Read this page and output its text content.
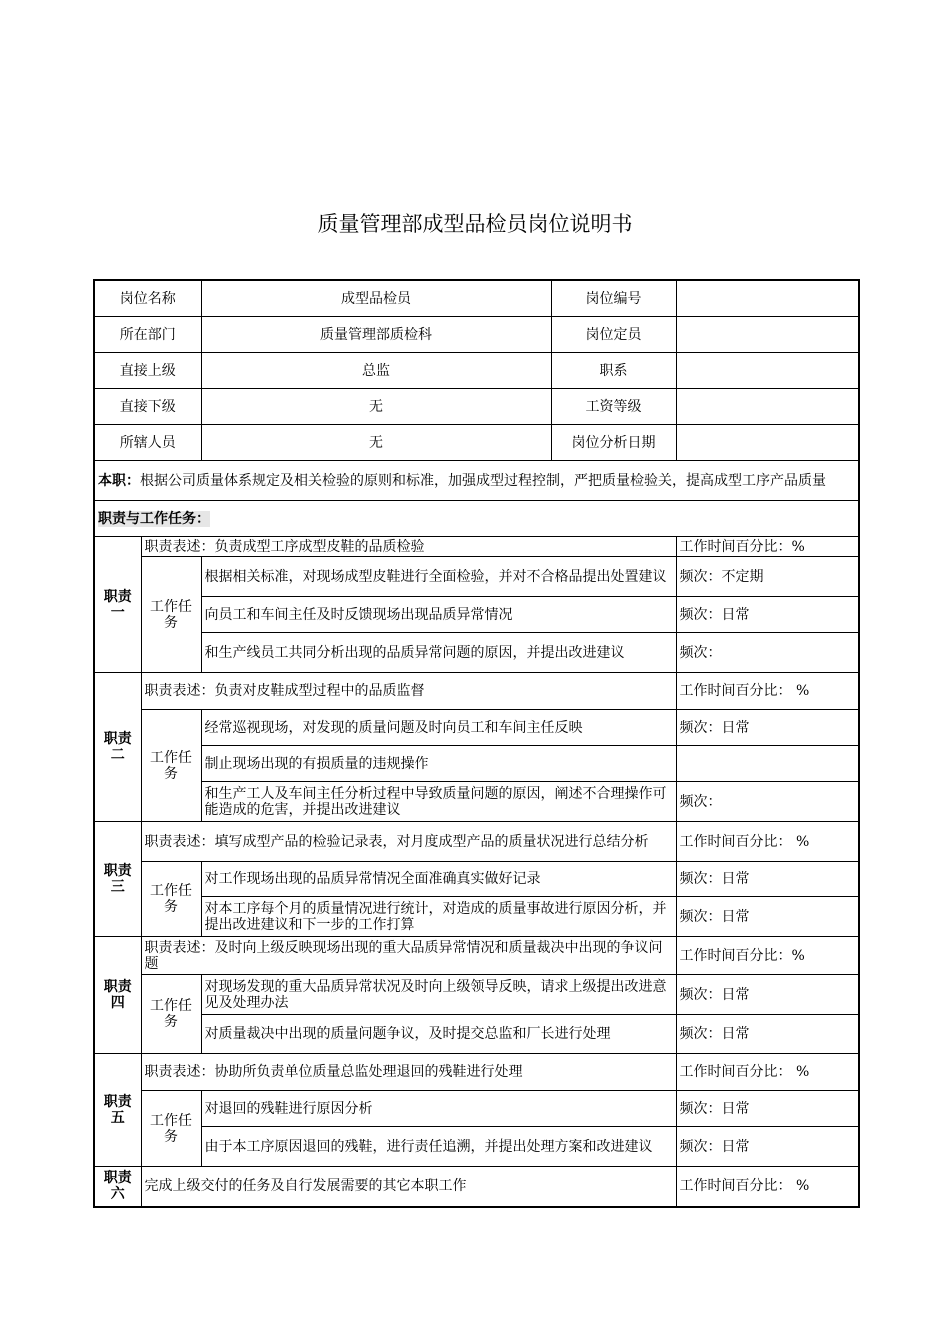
质量管理部成型品检员岗位说明书
岗位名称		成型品检员	岗位编号	
所在部门		质量管理部质检科	岗位定员	
直接上级		总监	职系	
直接下级		无	工资等级	
所辖人员		无	岗位分析日期	
本职：根据公司质量体系规定及相关检验的原则和标准，加强成型过程控制，严把质量检验关，提高成型工序产品质量				
职责与工作任务：				
职责一	职责表述：负责成型工序成型皮鞋的品质检验			工作时间百分比：%
	工作任务	根据相关标准，对现场成型皮鞋进行全面检验，并对不合格品提出处置建议		频次：不定期
		向员工和车间主任及时反馈现场出现品质异常情况		频次：日常
		和生产线员工共同分析出现的品质异常问题的原因，并提出改进建议		频次：
职责二	职责表述：负责对皮鞋成型过程中的品质监督			工作时间百分比： %
	工作任务	经常巡视现场，对发现的质量问题及时向员工和车间主任反映		频次：日常
		制止现场出现的有损质量的违规操作		
		和生产工人及车间主任分析过程中导致质量问题的原因，阐述不合理操作可能造成的危害，并提出改进建议		频次：
职责三	职责表述：填写成型产品的检验记录表，对月度成型产品的质量状况进行总结分析			工作时间百分比： %
	工作任务	对工作现场出现的品质异常情况全面准确真实做好记录		频次：日常
		对本工序每个月的质量情况进行统计，对造成的质量事故进行原因分析，并提出改进建议和下一步的工作打算		频次：日常
职责四	职责表述：及时向上级反映现场出现的重大品质异常情况和质量裁决中出现的争议问题			工作时间百分比：%
	工作任务	对现场发现的重大品质异常状况及时向上级领导反映，请求上级提出改进意见及处理办法		频次：日常
		对质量裁决中出现的质量问题争议，及时提交总监和厂长进行处理		频次：日常
职责五	职责表述：协助所负责单位质量总监处理退回的残鞋进行处理			工作时间百分比： %
	工作任务	对退回的残鞋进行原因分析		频次：日常
		由于本工序原因退回的残鞋，进行责任追溯，并提出处理方案和改进建议		频次：日常
职责六	完成上级交付的任务及自行发展需要的其它本职工作			工作时间百分比： %
